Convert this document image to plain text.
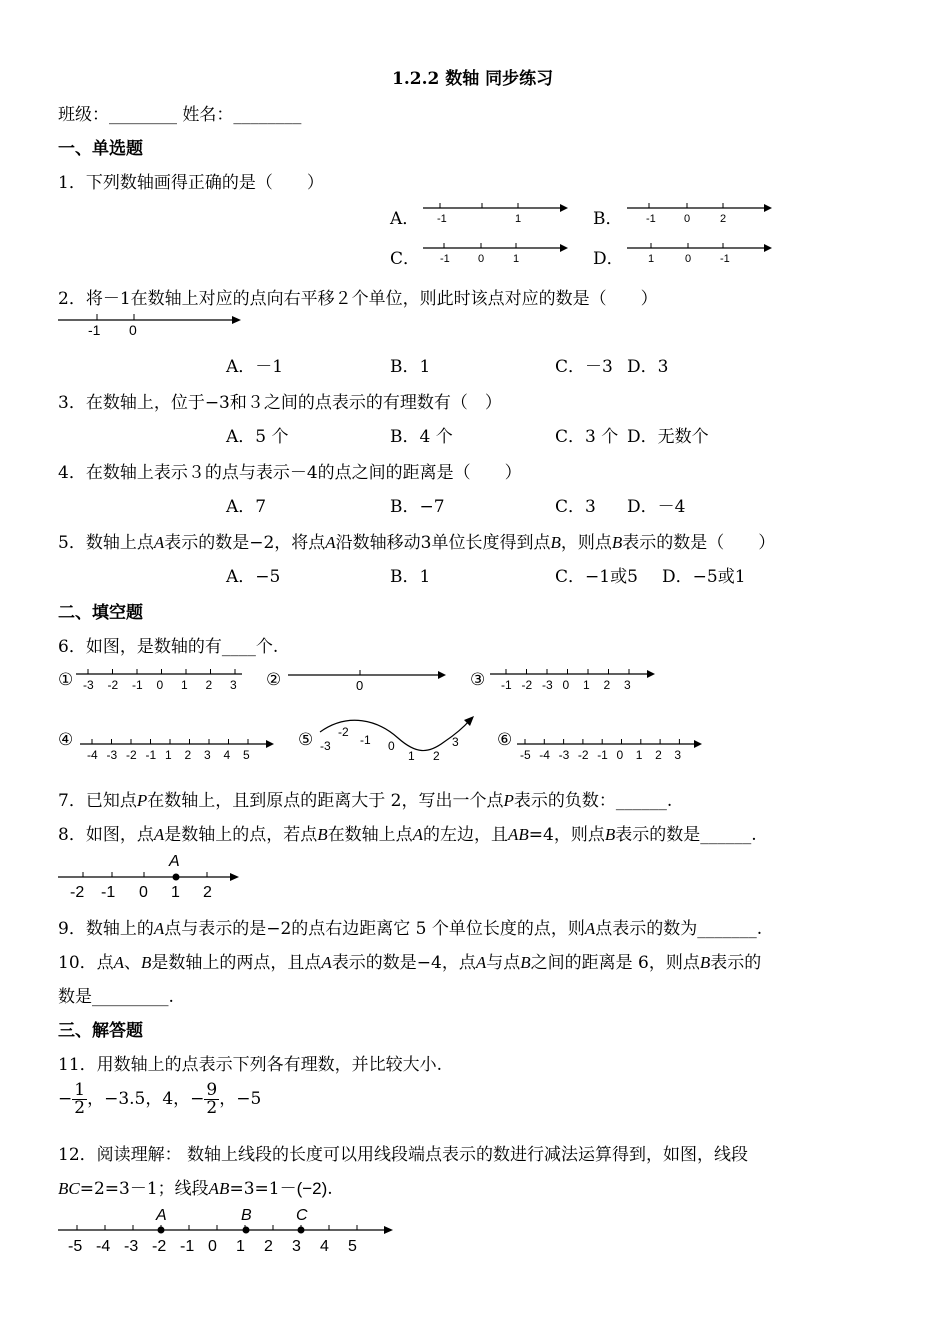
1.2.2 数轴 同步练习
班级：________ 姓名：________
一、单选题
1．下列数轴画得正确的是（　　）
A．	B．
C．	D．
-1	1	-1	0	2
-1	0	1	1	0	-1
2．将－1在数轴上对应的点向右平移２个单位，则此时该点对应的数是（　　）
-1 0
A．－1	B．1	C．－3 D．3
3．在数轴上，位于−3和３之间的点表示的有理数有（　）
A．5 个	B．4 个	C．3 个 D．无数个
4．在数轴上表示３的点与表示－4的点之间的距离是（　　）
A．7	B．−7	C．3 D．－4
5．数轴上点A表示的数是−2，将点A沿数轴移动3单位长度得到点B，则点B表示的数是（　　）
A．−5	B．1	C．−1或5 D．−5或1
二、填空题
6．如图，是数轴的有____个.
① -3 -2 -1 0 1 2 3 ②	0	③ -1 -2 -3 0 1 2 3
④
-4 -3 -2 -1 1 2 3 4 5
⑤ -3
-2
-1 0
1 2
3 ⑥
-5 -4 -3 -2 -1 0 1 2 3
7．已知点P在数轴上，且到原点的距离大于 2，写出一个点P表示的负数：______.
8．如图，点A是数轴上的点，若点B在数轴上点A的左边，且AB=4，则点B表示的数是______.
A
-2 -1 0 1 2
9．数轴上的A点与表示的是−2的点右边距离它 5 个单位长度的点，则A点表示的数为_______.
10．点A、B是数轴上的两点，且点A表示的数是−4，点A与点B之间的距离是 6，则点B表示的
数是_________.
三、解答题
11．用数轴上的点表示下列各有理数，并比较大小.
− $\frac{1}{2}$ ，−3.5，4，− $\frac{9}{2}$ ，−5
12．阅读理解： 数轴上线段的长度可以用线段端点表示的数进行减法运算得到，如图，线段
BC=2=3－1；线段AB=3=1－(−2).
-5 -4 -3 -2 -1 0 1 2 3 4 5
A	B	C
